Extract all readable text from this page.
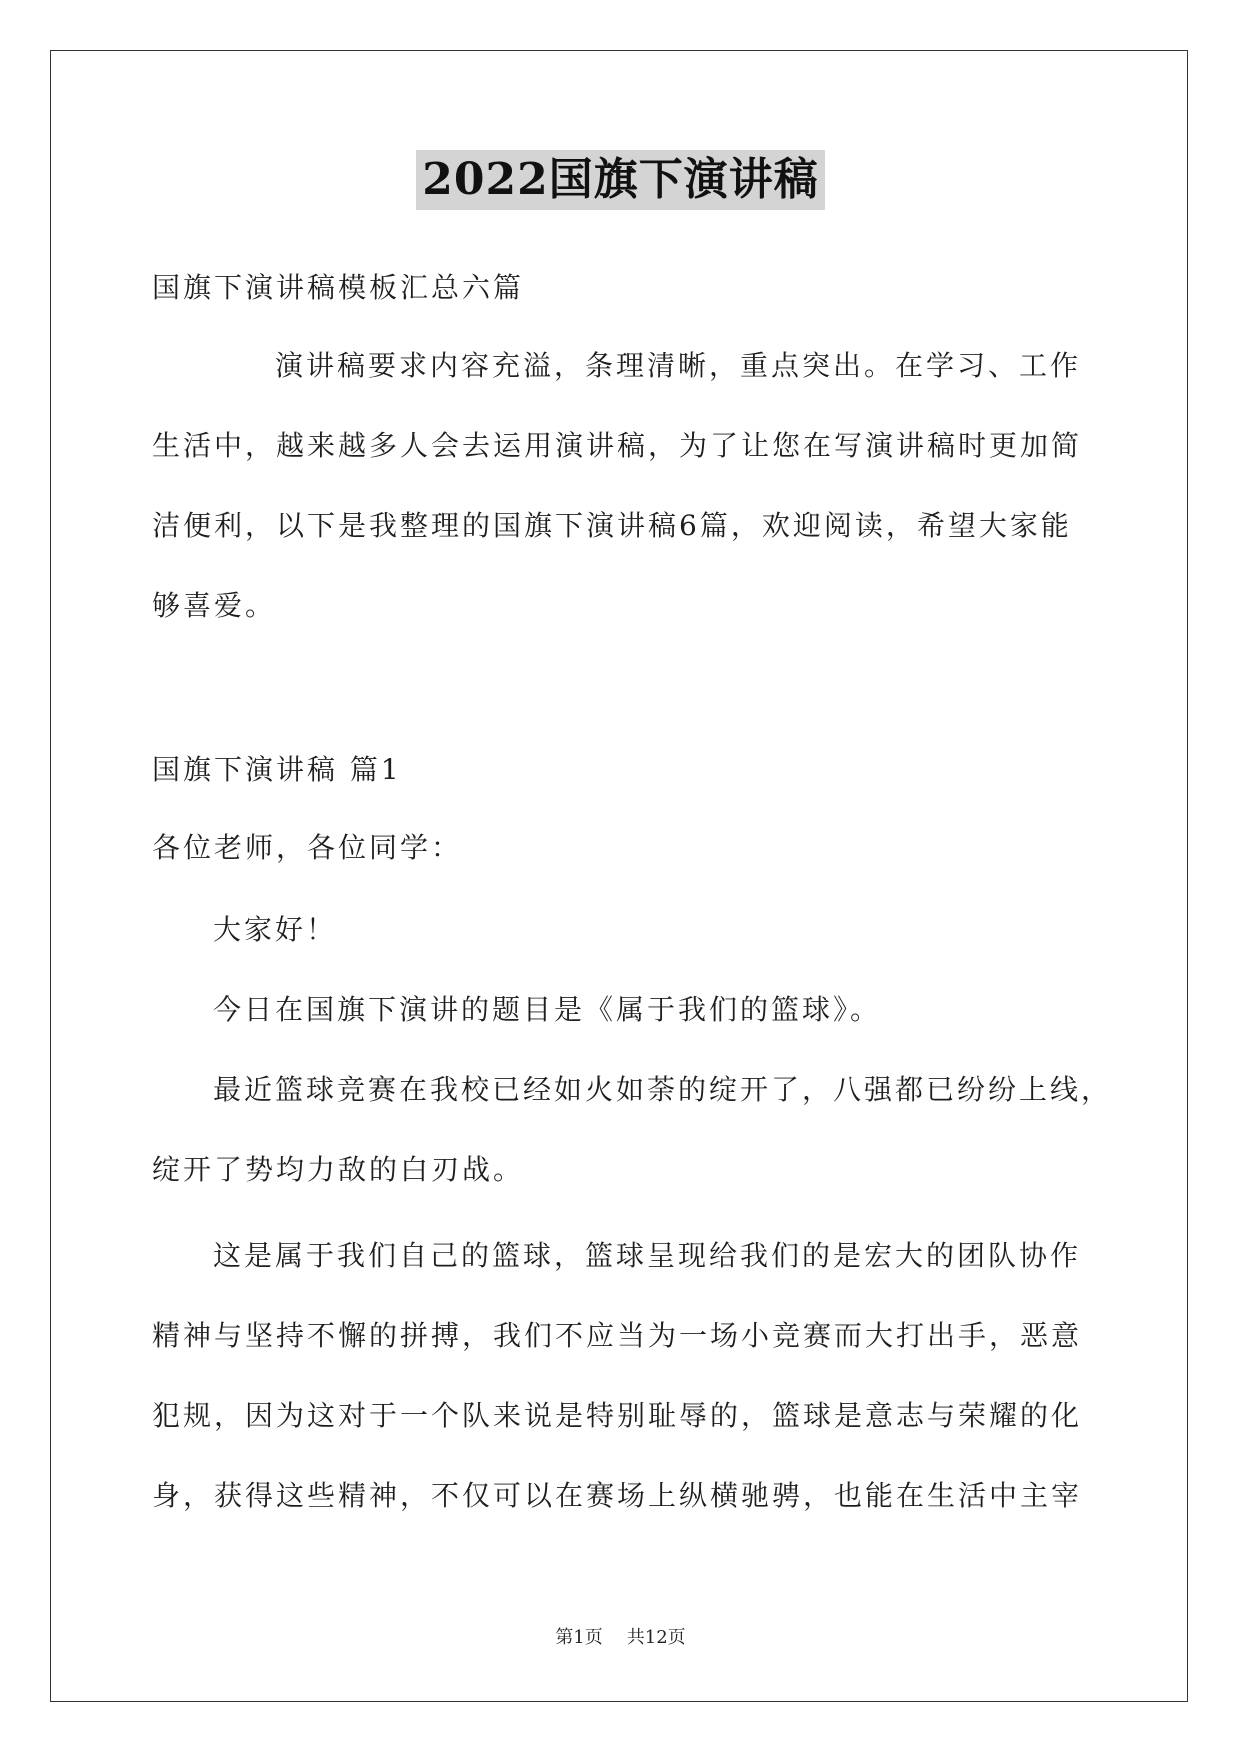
2022国旗下演讲稿
国旗下演讲稿模板汇总六篇
演讲稿要求内容充溢，条理清晰，重点突出。在学习、工作
生活中，越来越多人会去运用演讲稿，为了让您在写演讲稿时更加简
洁便利，以下是我整理的国旗下演讲稿6篇，欢迎阅读，希望大家能
够喜爱。
国旗下演讲稿 篇1
各位老师，各位同学：
大家好！
今日在国旗下演讲的题目是《属于我们的篮球》。
最近篮球竞赛在我校已经如火如荼的绽开了，八强都已纷纷上线，
绽开了势均力敌的白刃战。
这是属于我们自己的篮球，篮球呈现给我们的是宏大的团队协作
精神与坚持不懈的拼搏，我们不应当为一场小竞赛而大打出手，恶意
犯规，因为这对于一个队来说是特别耻辱的，篮球是意志与荣耀的化
身，获得这些精神，不仅可以在赛场上纵横驰骋，也能在生活中主宰
第1页 共12页
